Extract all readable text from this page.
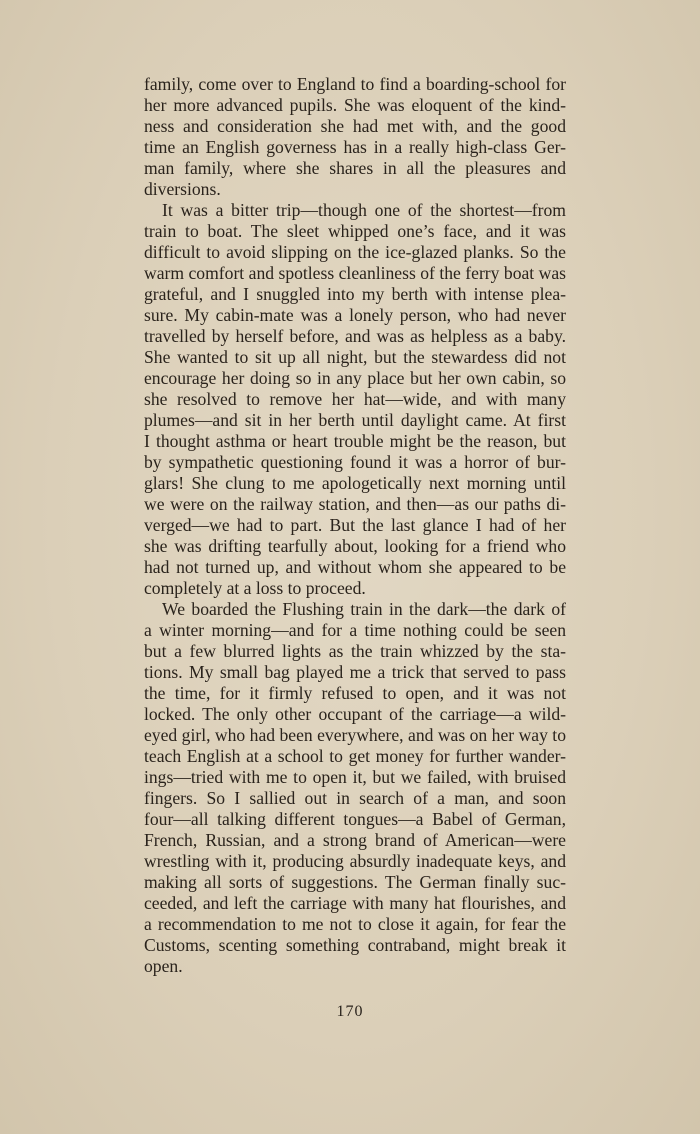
family, come over to England to find a boarding-school for
her more advanced pupils. She was eloquent of the kind-
ness and consideration she had met with, and the good
time an English governess has in a really high-class Ger-
man family, where she shares in all the pleasures and
diversions.
It was a bitter trip—though one of the shortest—from
train to boat. The sleet whipped one’s face, and it was
difficult to avoid slipping on the ice-glazed planks. So the
warm comfort and spotless cleanliness of the ferry boat was
grateful, and I snuggled into my berth with intense plea-
sure. My cabin-mate was a lonely person, who had never
travelled by herself before, and was as helpless as a baby.
She wanted to sit up all night, but the stewardess did not
encourage her doing so in any place but her own cabin, so
she resolved to remove her hat—wide, and with many
plumes—and sit in her berth until daylight came. At first
I thought asthma or heart trouble might be the reason, but
by sympathetic questioning found it was a horror of bur-
glars! She clung to me apologetically next morning until
we were on the railway station, and then—as our paths di-
verged—we had to part. But the last glance I had of her
she was drifting tearfully about, looking for a friend who
had not turned up, and without whom she appeared to be
completely at a loss to proceed.
We boarded the Flushing train in the dark—the dark of
a winter morning—and for a time nothing could be seen
but a few blurred lights as the train whizzed by the sta-
tions. My small bag played me a trick that served to pass
the time, for it firmly refused to open, and it was not
locked. The only other occupant of the carriage—a wild-
eyed girl, who had been everywhere, and was on her way to
teach English at a school to get money for further wander-
ings—tried with me to open it, but we failed, with bruised
fingers. So I sallied out in search of a man, and soon
four—all talking different tongues—a Babel of German,
French, Russian, and a strong brand of American—were
wrestling with it, producing absurdly inadequate keys, and
making all sorts of suggestions. The German finally suc-
ceeded, and left the carriage with many hat flourishes, and
a recommendation to me not to close it again, for fear the
Customs, scenting something contraband, might break it
open.
170
